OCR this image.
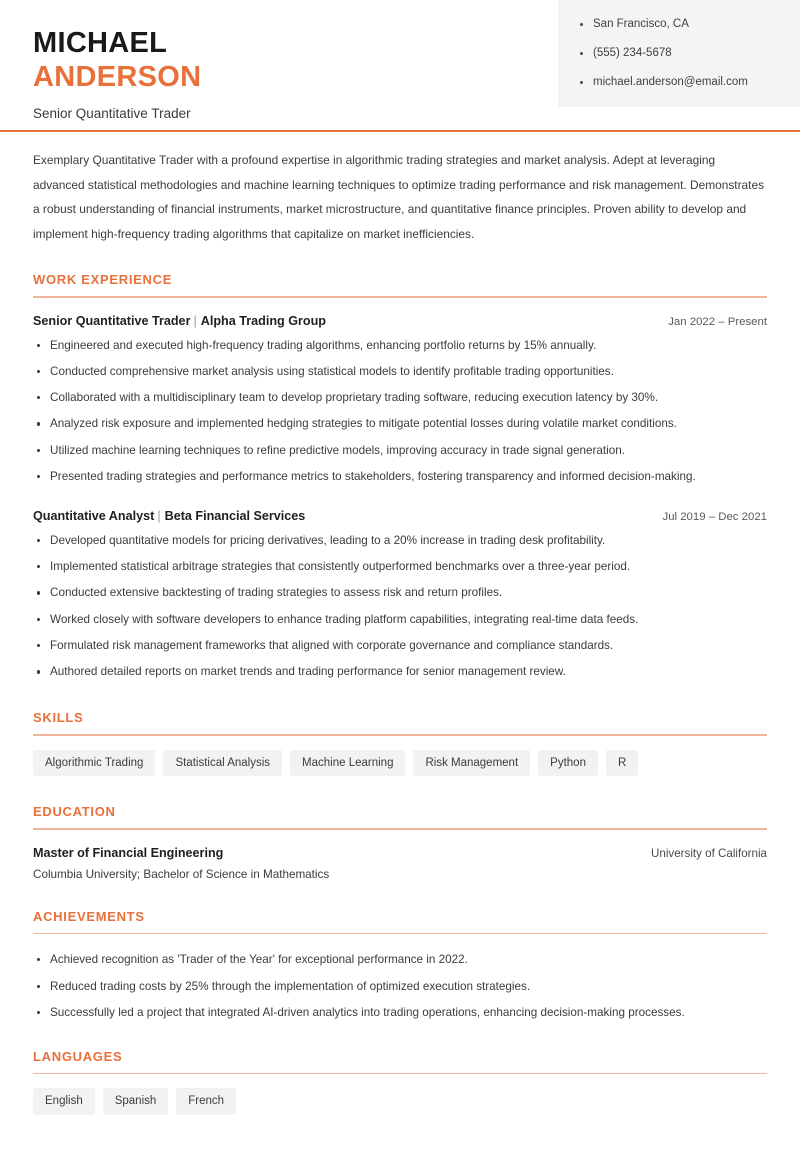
MICHAEL
ANDERSON
Senior Quantitative Trader
San Francisco, CA
(555) 234-5678
michael.anderson@email.com

Exemplary Quantitative Trader with a profound expertise in algorithmic trading strategies and market analysis. Adept at leveraging advanced statistical methodologies and machine learning techniques to optimize trading performance and risk management. Demonstrates a robust understanding of financial instruments, market microstructure, and quantitative finance principles. Proven ability to develop and implement high-frequency trading algorithms that capitalize on market inefficiencies.

WORK EXPERIENCE
Senior Quantitative Trader | Alpha Trading Group	Jan 2022 – Present
Engineered and executed high-frequency trading algorithms, enhancing portfolio returns by 15% annually.
Conducted comprehensive market analysis using statistical models to identify profitable trading opportunities.
Collaborated with a multidisciplinary team to develop proprietary trading software, reducing execution latency by 30%.
Analyzed risk exposure and implemented hedging strategies to mitigate potential losses during volatile market conditions.
Utilized machine learning techniques to refine predictive models, improving accuracy in trade signal generation.
Presented trading strategies and performance metrics to stakeholders, fostering transparency and informed decision-making.
Quantitative Analyst | Beta Financial Services	Jul 2019 – Dec 2021
Developed quantitative models for pricing derivatives, leading to a 20% increase in trading desk profitability.
Implemented statistical arbitrage strategies that consistently outperformed benchmarks over a three-year period.
Conducted extensive backtesting of trading strategies to assess risk and return profiles.
Worked closely with software developers to enhance trading platform capabilities, integrating real-time data feeds.
Formulated risk management frameworks that aligned with corporate governance and compliance standards.
Authored detailed reports on market trends and trading performance for senior management review.
SKILLS
Algorithmic Trading	Statistical Analysis	Machine Learning	Risk Management	Python	R
EDUCATION
Master of Financial Engineering	University of California
Columbia University; Bachelor of Science in Mathematics
ACHIEVEMENTS
Achieved recognition as 'Trader of the Year' for exceptional performance in 2022.
Reduced trading costs by 25% through the implementation of optimized execution strategies.
Successfully led a project that integrated AI-driven analytics into trading operations, enhancing decision-making processes.
LANGUAGES
English	Spanish	French
